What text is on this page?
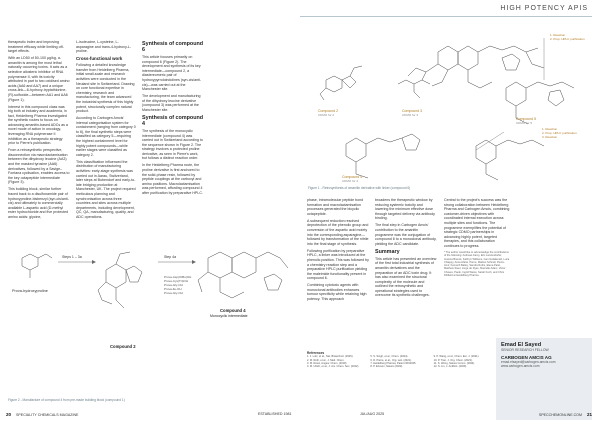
HIGH POTENCY APIS

therapeutic index and improving treatment efficacy while limiting off-target effects.

With an LD50 of 50-100 μg/kg, α-amanitin is among the most lethal naturally occurring toxins. It acts as a selective allosteric inhibitor of RNA polymerase II, with its toxicity attributed in part to two oxidised amino acids (AA6 and AA7) and a unique cross-link—6-hydroxy-tryptathionine-(R)-sulfoxide—between AA1 and AA6 (Figure 1).

Interest in this compound class was big both at industry and academia, in fact, Heidelberg Pharma investigated the synthetic routes to focus on advancing amanitin-based ADCs as a novel mode of action in oncology, leveraging RNA polymerase II inhibition as a therapeutic strategy prior to Pierre's publication.

From a retrosynthetic perspective, disconnection via macrolactamisation between the dihydroxy leucine (AA3) and the masked tyrosine (AA6) derivatives, followed by a Savige–Fontana cyclisation, enables access to the key octapeptide intermediate (Figure 3).

This building block, similar further traced back to a disulfonamide pair of hydroxyproline-bisbenzyl (syn-cis/anti-cis) and ultimately to commercially available L-aspartic acid (D-methyl ester hydrochloride and five protected amino acids: glycine,

L-isoleucine, L-cysteine, L-asparagine and trans-4-hydroxy-L-proline.

Cross-functional work

Following a detailed knowledge transfer from Heidelberg Pharma, initial small-scale and research activities were conducted in the Neuland site in Switzerland. Drawing on core functional expertise in chemistry, research and manufacturing, the team advanced the industrial synthesis of this highly potent, structurally complex natural product.

According to Carbogen Amcis' internal categorisation system for containment (ranging from category 0 to 6), the final synthetic steps were classified as category 5—requiring the highest containment level for highly potent compounds—while earlier stages were classified as category 2.

This classification influenced the distribution of manufacturing activities: early-stage synthesis was carried out in Aarau, Switzerland, later steps at Bubendorf and early-to-late bridging production at Manchester, UK. The project required meticulous planning and synchronisation across three countries and sites across multiple departments, including development, QC, QA, manufacturing, quality, and ADC operations.

Synthesis of compound 6

This article focuses primarily on compound 6 (Figure 2). The development and synthesis of its key intermediate—compound 2, a diastereomeric pair of hydroxypyrroloindolines (syn-cis/anti-cis)—was carried out at the Manchester site.

The development and manufacturing of the dihydroxy leucine derivative (compound 3) was performed at the Manchester site.

Synthesis of compound 4

The synthesis of the monocyclic intermediate (compound 4) was carried out in Switzerland according to the sequence shown in Figure 2. The strategy involves a protected proline derivative, as seen in Pierre's work, but follows a distinct reaction order.

In the Heidelberg Pharma route, the proline derivative is first anchored to the solid-phase resin, followed by peptide couplings at the carboxyl and amino positions. Macrolactamisation was performed, affording compound 4 after purification by preparative HPLC.

1. Reaction
2. Prep. HPLC purification
Compound 2
CDMO for 2
Compound 3
CDMO for 3
Compound 5
CDMO for 5
1. Reaction
2. Prep. HPLC purification
3. Reaction
Compound 4
CDMO for 4
Figure 1 - Retrosynthesis of amanitin derivative with linker (compound 6)
Prova-hydroxyproline
Steps 1 – 3a
Compound 2
Step 4a
Prova-Asp(OtBu)OH
Prova-Cys(Trt)OH
Prova-Gly-OH
Prova-Ile-OH
Prova-Gly-OH
Compound 4
Monocyclic intermediate
Figure 2 - Manufacture of compound 4 from pre-made building block (compound 1)

phase, intramolecular peptide bond formation and macrolactamisation processes generated the bicyclic octapeptide.

A subsequent reduction resolved deprotection of the phenolic group and conversion of the aspartic acid moiety into the corresponding asparagine—followed by transformation of the nitrile into the final stage of synthesis.

Following purification by preparative HPLC, a linker was introduced at the phenolic position. This was followed by a chemistry reaction step and a preparative HPLC purification yielding the maleimide functionality present in compound 6.

Combining cytotoxic agents with monoclonal antibodies enhances tumour specificity while retaining high potency. This approach

broadens the therapeutic window by reducing systemic toxicity and lowering the minimum effective dose through targeted delivery via antibody binding.

The final step in Carbogen Amcis' contribution to the amanitin programme was the conjugation of compound 6 to a monoclonal antibody, yielding the ADC candidate.

Summary

This article has presented an overview of the first total industrial synthesis of amanitin derivatives and the preparation of an ADC toxin drug. It has also examined the structural complexity of the molecule and outlined the retrosynthetic and operational strategies used to overcome its synthetic challenges.

Central to the project's success was the strong collaboration between Heidelberg Pharma and Carbogen Amcis, combining customer-driven objectives with coordinated internal execution across multiple sites and functions. The programme exemplifies the potential of strategic CDMO partnerships in advancing highly potent, targeted therapies, and this collaboration continues to progress.

* The author would like to acknowledge the contributions of the following: Andreas Kamy, Eric Lanzendorfer, Jessica Breuck, Kathryn Williams, Ivan Gokalenski, Luca Chiappy, Anne-Marie, Pierre, Markus Schnell, Pierre-Amir, Kenneth Bailey, Sandra Ruths, Elena Patel, Matthew Steel, Jorge de Ryan, Marcelle Adam, Victor Chaves, Paolo, Ingrid Weiss, Sarah Koch, and Chris Dittfield at Heidelberg Pharma.
References
1. J. Lutz, et al., Nat. Biotechnol. (2025).
2. M. Roth, et al., J. Med. Chem.
3. M. Rossi, Angew. Chem. (2019).
4. M. Ulrich, et al., J. Am. Chem. Soc. (2022).
5. S. Singh, et al., Chem. (2024).
6. D. Pierre, et al., Org. Lett. (2021).
7. Heidelberg Pharma, Patent WO2025.
8. P. Ericson, Nature (2022).
9. P. Wang, et al., Chem. Eur. J. (2021).
10. P. Tran, J. Org. Chem. (2023).
11. S. Wong, Nature Comm. (2024).
12. S. Lin, J. Antibiot. (2020).
Emad El Sayed
SENIOR RESEARCH FELLOW
CARBOGEN AMCIS AG
emad.elsayed@carbogen-amcis.com
www.carbogen-amcis.com
20 SPECIALITY CHEMICALS MAGAZINE	ESTABLISHED 1981	JUL/AUG 2025	SPECCHEMONLINE.COM 21
